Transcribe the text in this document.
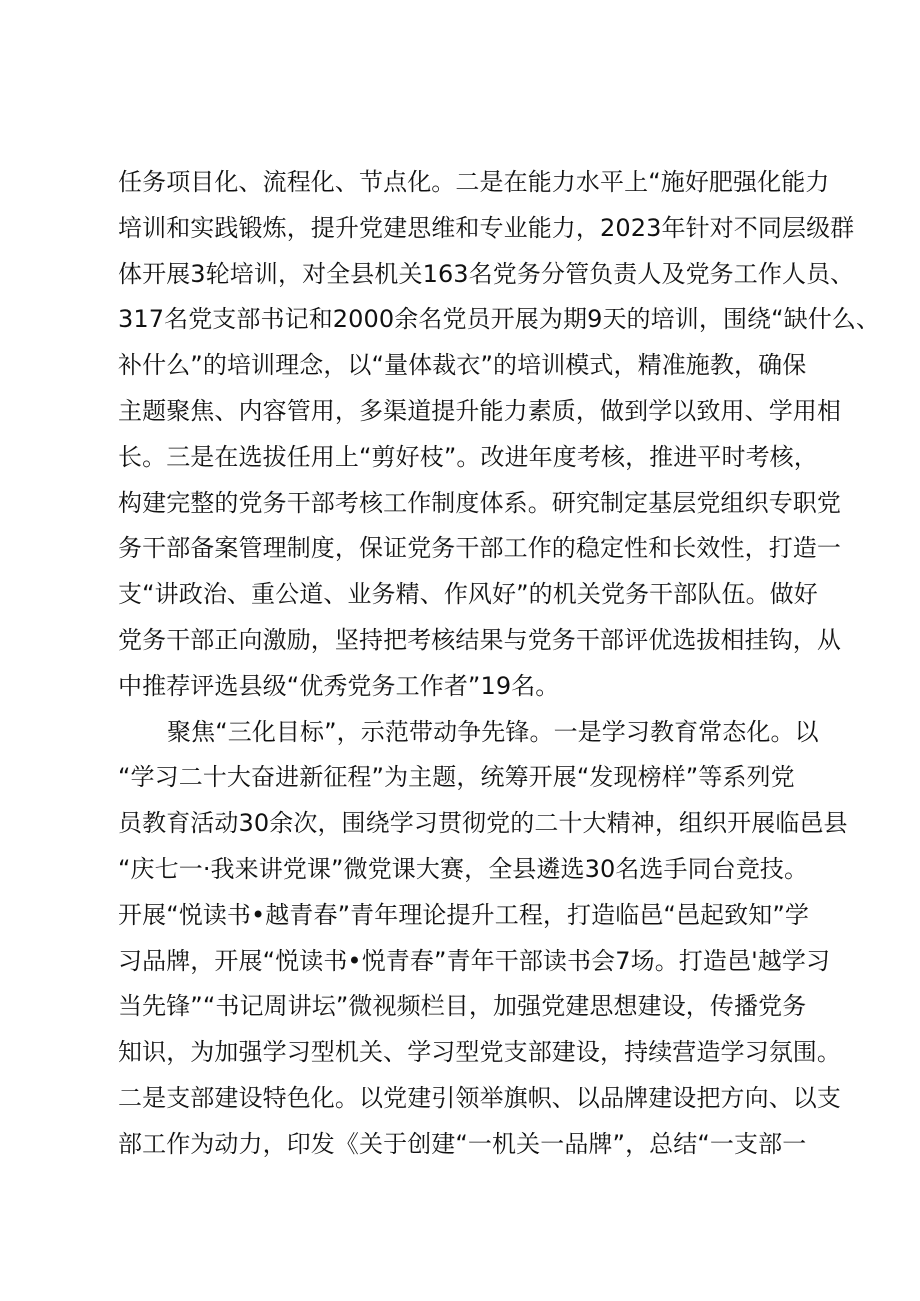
任务项目化、流程化、节点化。二是在能力水平上“施好肥强化能力
培训和实践锻炼，提升党建思维和专业能力，2023年针对不同层级群
体开展3轮培训，对全县机关163名党务分管负责人及党务工作人员、
317名党支部书记和2000余名党员开展为期9天的培训，围绕“缺什么、
补什么”的培训理念，以“量体裁衣”的培训模式，精准施教，确保
主题聚焦、内容管用，多渠道提升能力素质，做到学以致用、学用相
长。三是在选拔任用上“剪好枝”。改进年度考核，推进平时考核，
构建完整的党务干部考核工作制度体系。研究制定基层党组织专职党
务干部备案管理制度，保证党务干部工作的稳定性和长效性，打造一
支“讲政治、重公道、业务精、作风好”的机关党务干部队伍。做好
党务干部正向激励，坚持把考核结果与党务干部评优选拔相挂钩，从
中推荐评选县级“优秀党务工作者”19名。
聚焦“三化目标”，示范带动争先锋。一是学习教育常态化。以
“学习二十大奋进新征程”为主题，统筹开展“发现榜样”等系列党
员教育活动30余次，围绕学习贯彻党的二十大精神，组织开展临邑县
“庆七一·我来讲党课”微党课大赛，全县遴选30名选手同台竞技。
开展“悦读书•越青春”青年理论提升工程，打造临邑“邑起致知”学
习品牌，开展“悦读书•悦青春”青年干部读书会7场。打造邑'越学习
当先锋”“书记周讲坛”微视频栏目，加强党建思想建设，传播党务
知识，为加强学习型机关、学习型党支部建设，持续营造学习氛围。
二是支部建设特色化。以党建引领举旗帜、以品牌建设把方向、以支
部工作为动力，印发《关于创建“一机关一品牌”，总结“一支部一
